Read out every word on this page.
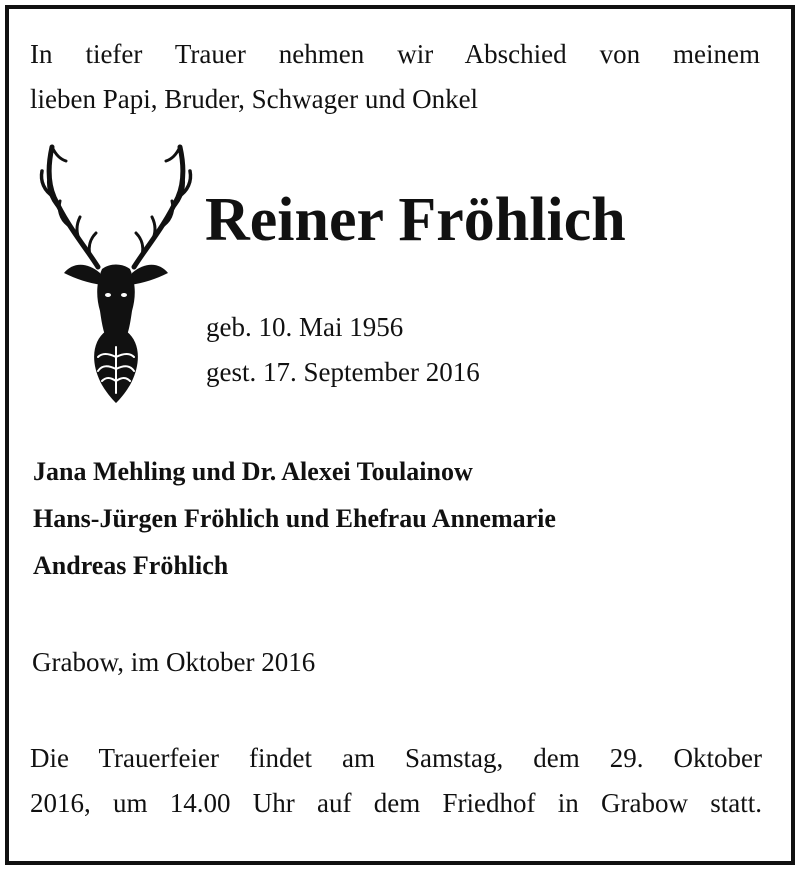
In tiefer Trauer nehmen wir Abschied von meinem
lieben Papi, Bruder, Schwager und Onkel

Reiner Fröhlich
geb. 10. Mai 1956
gest. 17. September 2016
Jana Mehling und Dr. Alexei Toulainow
Hans-Jürgen Fröhlich und Ehefrau Annemarie
Andreas Fröhlich

Grabow, im Oktober 2016

Die Trauerfeier findet am Samstag, dem 29. Oktober
2016, um 14.00 Uhr auf dem Friedhof in Grabow statt.
